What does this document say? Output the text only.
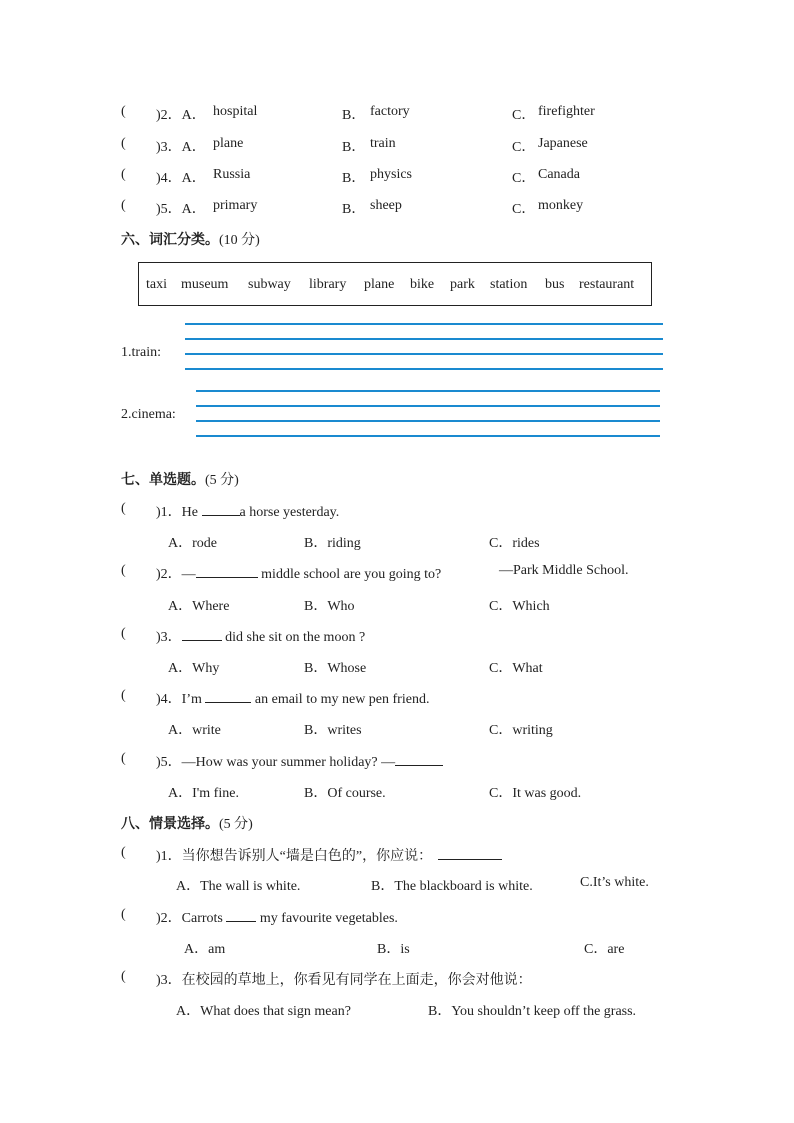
( )2．A． hospital	B． factory	C． firefighter
( )3．A． plane	B． train	C． Japanese
( )4．A． Russia	B． physics	C． Canada
( )5．A． primary	B． sheep	C． monkey
六、词汇分类。(10 分)
taxi museum subway library plane bike park station bus restaurant
1.train:
2.cinema:
七、单选题。(5 分)
( )1．He	a horse yesterday.
A．rode	B．riding	C．rides
( )2．—	middle school are you going to?	—Park Middle School.
A．Where	B．Who	C．Which
( )3．	did she sit on the moon ?
A．Why	B．Whose	C．What
( )4．I’m	an email to my new pen friend.
A．write	B．writes	C．writing
( )5．—How was your summer holiday? —
A．I'm fine.	B．Of course.	C．It was good.
八、情景选择。(5 分)
( )1．当你想告诉别人“墙是白色的”，你应说：
A．The wall is white.	B．The blackboard is white.	C.It’s white.
( )2．Carrots  my favourite vegetables.
A．am	B．is	C．are
( )3．在校园的草地上，你看见有同学在上面走，你会对他说：
A．What does that sign mean?	B．You shouldn’t keep off the grass.
